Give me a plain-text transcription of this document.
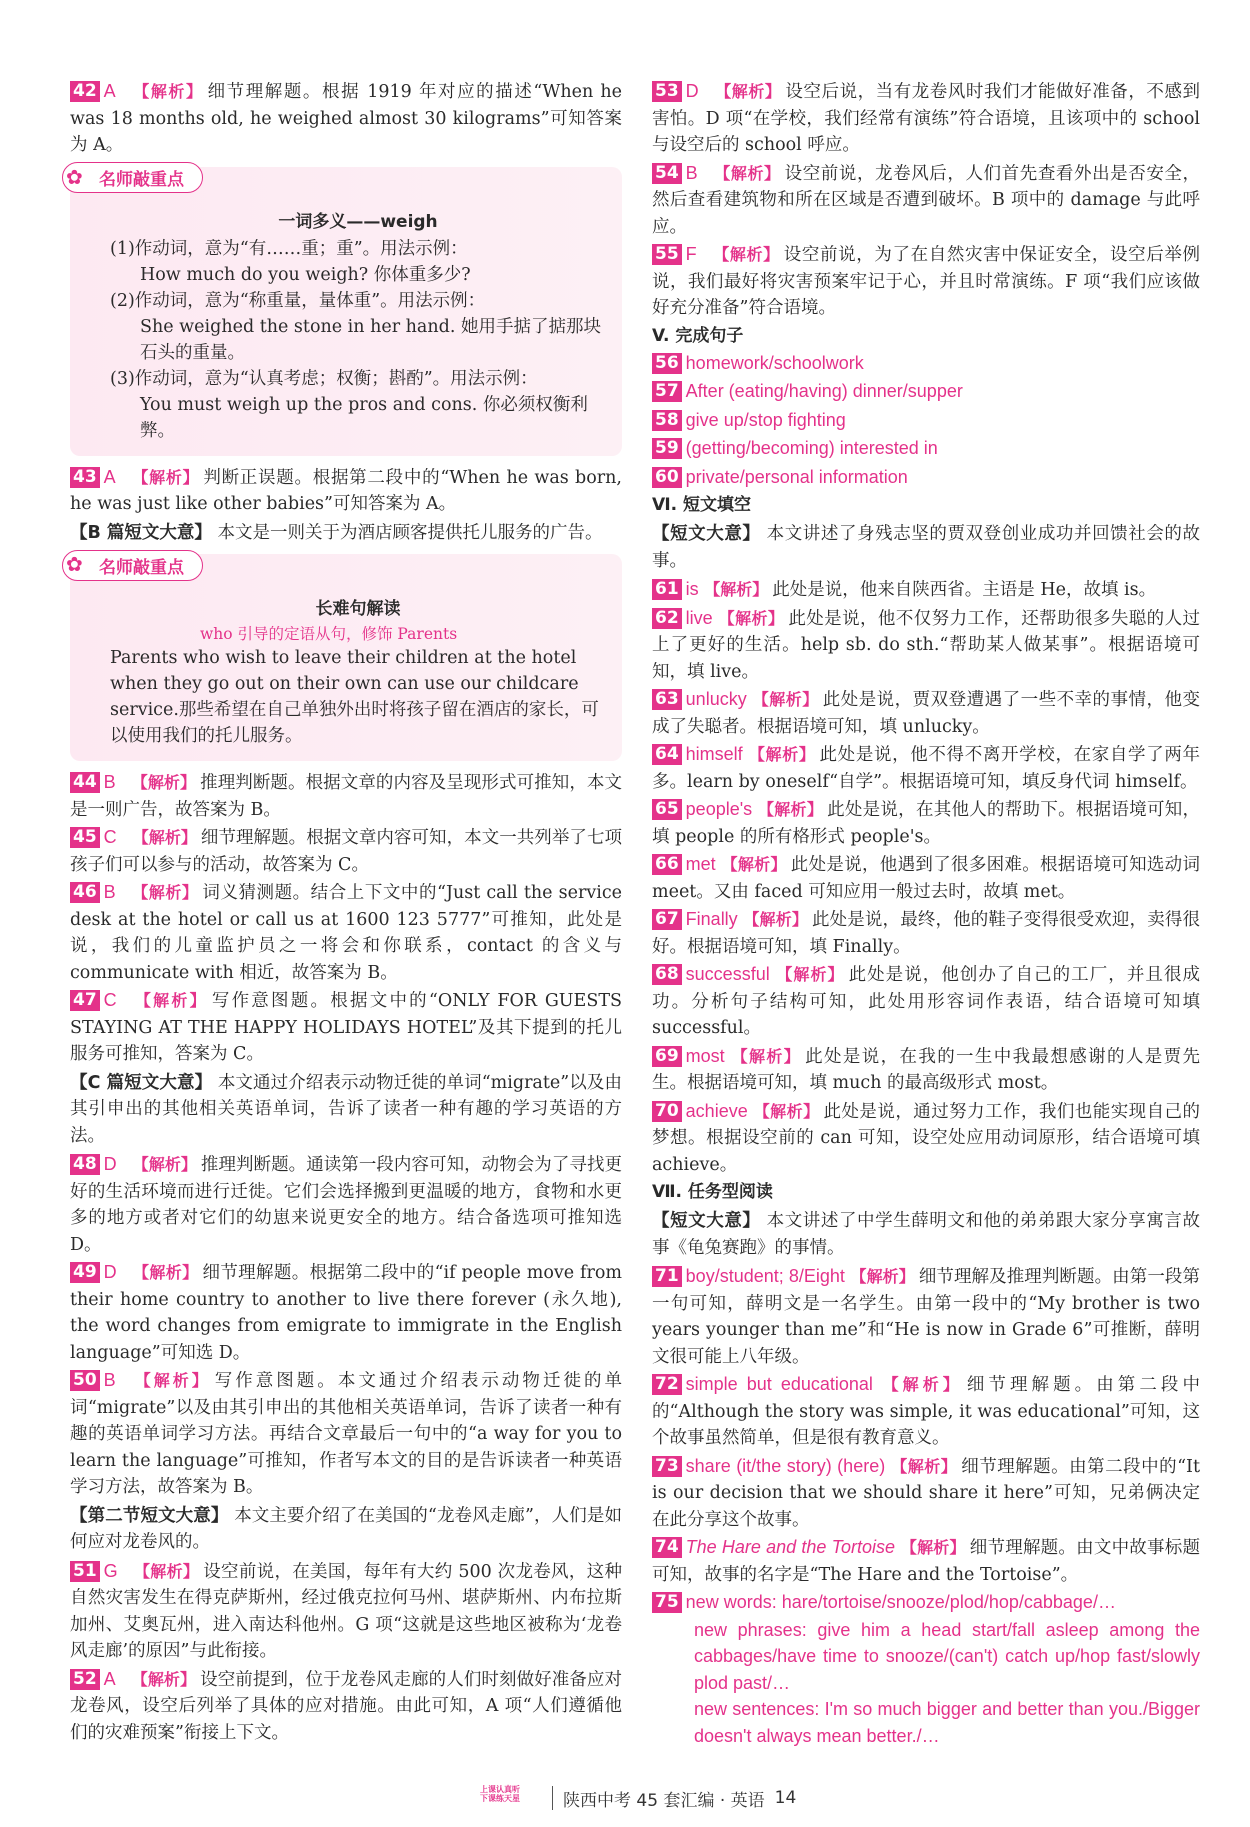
42 A 【解析】 细节理解题。根据 1919 年对应的描述“When he was 18 months old, he weighed almost 30 kilograms”可知答案为 A。
✿ 名师敲重点
一词多义——weigh
(1)作动词，意为“有……重；重”。用法示例：
How much do you weigh? 你体重多少?
(2)作动词，意为“称重量，量体重”。用法示例：
She weighed the stone in her hand. 她用手掂了掂那块石头的重量。
(3)作动词，意为“认真考虑；权衡；斟酌”。用法示例：
You must weigh up the pros and cons. 你必须权衡利弊。
43 A 【解析】 判断正误题。根据第二段中的“When he was born, he was just like other babies”可知答案为 A。
【B 篇短文大意】 本文是一则关于为酒店顾客提供托儿服务的广告。
✿ 名师敲重点
长难句解读
who 引导的定语从句，修饰 Parents
Parents who wish to leave their children at the hotel when they go out on their own can use our childcare service.那些希望在自己单独外出时将孩子留在酒店的家长，可以使用我们的托儿服务。
44 B 【解析】 推理判断题。根据文章的内容及呈现形式可推知，本文是一则广告，故答案为 B。
45 C 【解析】 细节理解题。根据文章内容可知，本文一共列举了七项孩子们可以参与的活动，故答案为 C。
46 B 【解析】 词义猜测题。结合上下文中的“Just call the service desk at the hotel or call us at 1600 123 5777”可推知，此处是说，我们的儿童监护员之一将会和你联系，contact 的含义与 communicate with 相近，故答案为 B。
47 C 【解析】 写作意图题。根据文中的“ONLY FOR GUESTS STAYING AT THE HAPPY HOLIDAYS HOTEL”及其下提到的托儿服务可推知，答案为 C。
【C 篇短文大意】 本文通过介绍表示动物迁徙的单词“migrate”以及由其引申出的其他相关英语单词，告诉了读者一种有趣的学习英语的方法。
48 D 【解析】 推理判断题。通读第一段内容可知，动物会为了寻找更好的生活环境而进行迁徙。它们会选择搬到更温暖的地方，食物和水更多的地方或者对它们的幼崽来说更安全的地方。结合备选项可推知选 D。
49 D 【解析】 细节理解题。根据第二段中的“if people move from their home country to another to live there forever (永久地), the word changes from emigrate to immigrate in the English language”可知选 D。
50 B 【解析】 写作意图题。本文通过介绍表示动物迁徙的单词“migrate”以及由其引申出的其他相关英语单词，告诉了读者一种有趣的英语单词学习方法。再结合文章最后一句中的“a way for you to learn the language”可推知，作者写本文的目的是告诉读者一种英语学习方法，故答案为 B。
【第二节短文大意】 本文主要介绍了在美国的“龙卷风走廊”，人们是如何应对龙卷风的。
51 G 【解析】 设空前说，在美国，每年有大约 500 次龙卷风，这种自然灾害发生在得克萨斯州，经过俄克拉何马州、堪萨斯州、内布拉斯加州、艾奥瓦州，进入南达科他州。G 项“这就是这些地区被称为‘龙卷风走廊’的原因”与此衔接。
52 A 【解析】 设空前提到，位于龙卷风走廊的人们时刻做好准备应对龙卷风，设空后列举了具体的应对措施。由此可知，A 项“人们遵循他们的灾难预案”衔接上下文。
53 D 【解析】 设空后说，当有龙卷风时我们才能做好准备，不感到害怕。D 项“在学校，我们经常有演练”符合语境，且该项中的 school 与设空后的 school 呼应。
54 B 【解析】 设空前说，龙卷风后，人们首先查看外出是否安全，然后查看建筑物和所在区域是否遭到破坏。B 项中的 damage 与此呼应。
55 F 【解析】 设空前说，为了在自然灾害中保证安全，设空后举例说，我们最好将灾害预案牢记于心，并且时常演练。F 项“我们应该做好充分准备”符合语境。
V. 完成句子
56 homework/schoolwork
57 After (eating/having) dinner/supper
58 give up/stop fighting
59 (getting/becoming) interested in
60 private/personal information
Ⅵ. 短文填空
【短文大意】 本文讲述了身残志坚的贾双登创业成功并回馈社会的故事。
61 is 【解析】 此处是说，他来自陕西省。主语是 He，故填 is。
62 live 【解析】 此处是说，他不仅努力工作，还帮助很多失聪的人过上了更好的生活。help sb. do sth.“帮助某人做某事”。根据语境可知，填 live。
63 unlucky 【解析】 此处是说，贾双登遭遇了一些不幸的事情，他变成了失聪者。根据语境可知，填 unlucky。
64 himself 【解析】 此处是说，他不得不离开学校，在家自学了两年多。learn by oneself“自学”。根据语境可知，填反身代词 himself。
65 people's 【解析】 此处是说，在其他人的帮助下。根据语境可知，填 people 的所有格形式 people's。
66 met 【解析】 此处是说，他遇到了很多困难。根据语境可知选动词 meet。又由 faced 可知应用一般过去时，故填 met。
67 Finally 【解析】 此处是说，最终，他的鞋子变得很受欢迎，卖得很好。根据语境可知，填 Finally。
68 successful 【解析】 此处是说，他创办了自己的工厂，并且很成功。分析句子结构可知，此处用形容词作表语，结合语境可知填 successful。
69 most 【解析】 此处是说，在我的一生中我最想感谢的人是贾先生。根据语境可知，填 much 的最高级形式 most。
70 achieve 【解析】 此处是说，通过努力工作，我们也能实现自己的梦想。根据设空前的 can 可知，设空处应用动词原形，结合语境可填 achieve。
Ⅶ. 任务型阅读
【短文大意】 本文讲述了中学生薛明文和他的弟弟跟大家分享寓言故事《龟兔赛跑》的事情。
71 boy/student; 8/Eight 【解析】 细节理解及推理判断题。由第一段第一句可知，薛明文是一名学生。由第一段中的“My brother is two years younger than me”和“He is now in Grade 6”可推断，薛明文很可能上八年级。
72 simple but educational 【解析】 细节理解题。由第二段中的“Although the story was simple, it was educational”可知，这个故事虽然简单，但是很有教育意义。
73 share (it/the story) (here) 【解析】 细节理解题。由第二段中的“It is our decision that we should share it here”可知，兄弟俩决定在此分享这个故事。
74 The Hare and the Tortoise 【解析】 细节理解题。由文中故事标题可知，故事的名字是“The Hare and the Tortoise”。
75 new words: hare/tortoise/snooze/plod/hop/cabbage/…
new phrases: give him a head start/fall asleep among the cabbages/have time to snooze/(can't) catch up/hop fast/slowly plod past/…
new sentences: I'm so much bigger and better than you./Bigger doesn't always mean better./…
上课认真听
下课练天星	陕西中考 45 套汇编 · 英语 14
